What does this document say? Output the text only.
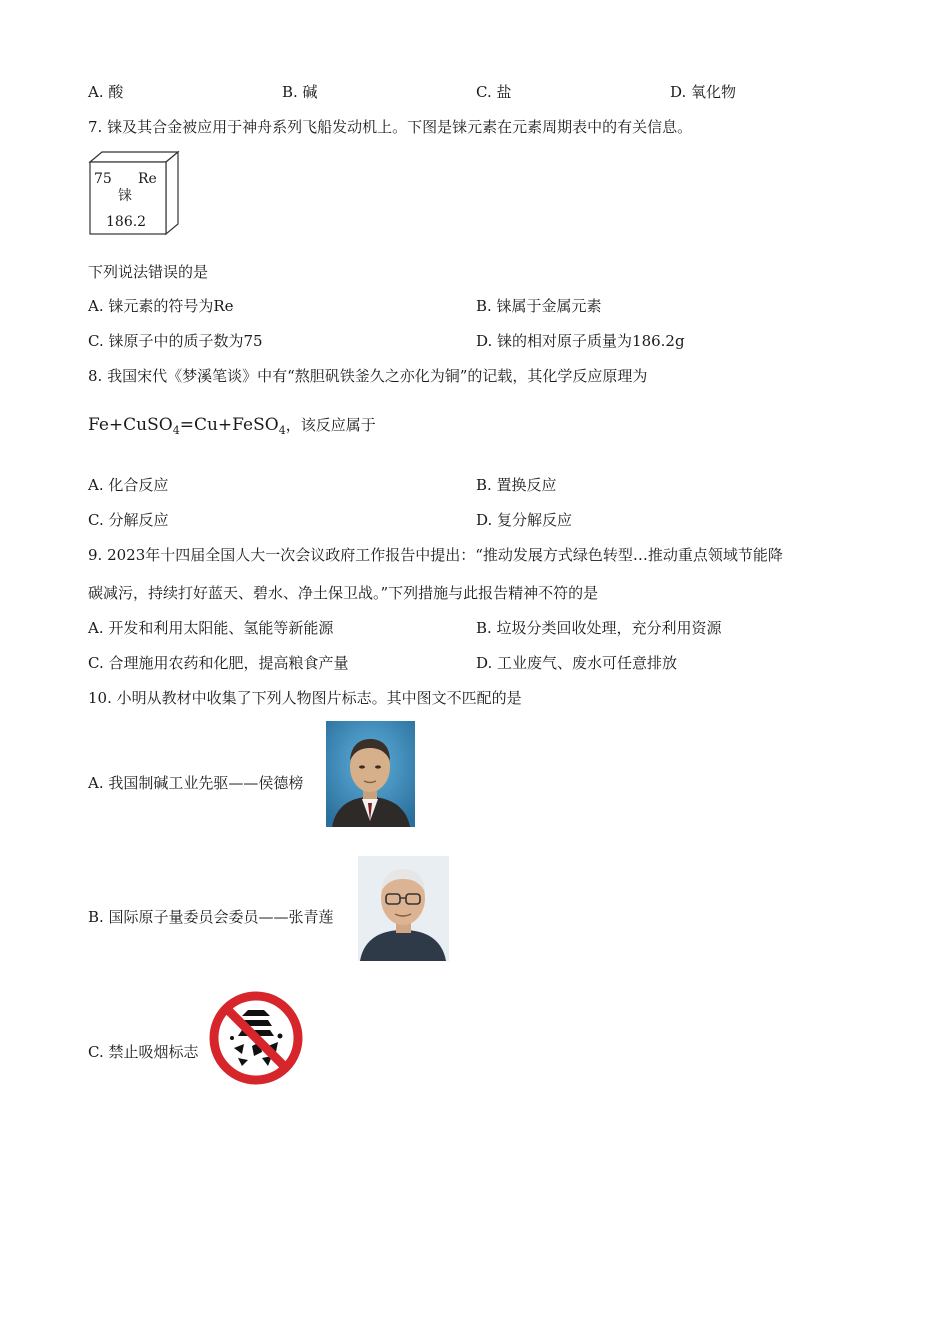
A. 酸	B. 碱	C. 盐	D. 氧化物
7. 铼及其合金被应用于神舟系列飞船发动机上。下图是铼元素在元素周期表中的有关信息。
75 Re
铼
186.2
下列说法错误的是
A. 铼元素的符号为Re	B. 铼属于金属元素
C. 铼原子中的质子数为75	D. 铼的相对原子质量为186.2g
8. 我国宋代《梦溪笔谈》中有“熬胆矾铁釜久之亦化为铜”的记载，其化学反应原理为
Fe+CuSO$_4$=Cu+FeSO$_4$，该反应属于
A. 化合反应	B. 置换反应
C. 分解反应	D. 复分解反应
9. 2023年十四届全国人大一次会议政府工作报告中提出：“推动发展方式绿色转型…推动重点领域节能降
碳减污，持续打好蓝天、碧水、净土保卫战。”下列措施与此报告精神不符的是
A. 开发和利用太阳能、氢能等新能源	B. 垃圾分类回收处理，充分利用资源
C. 合理施用农药和化肥，提高粮食产量	D. 工业废气、废水可任意排放
10. 小明从教材中收集了下列人物图片标志。其中图文不匹配的是
A. 我国制碱工业先驱——侯德榜
B. 国际原子量委员会委员——张青莲
C. 禁止吸烟标志
